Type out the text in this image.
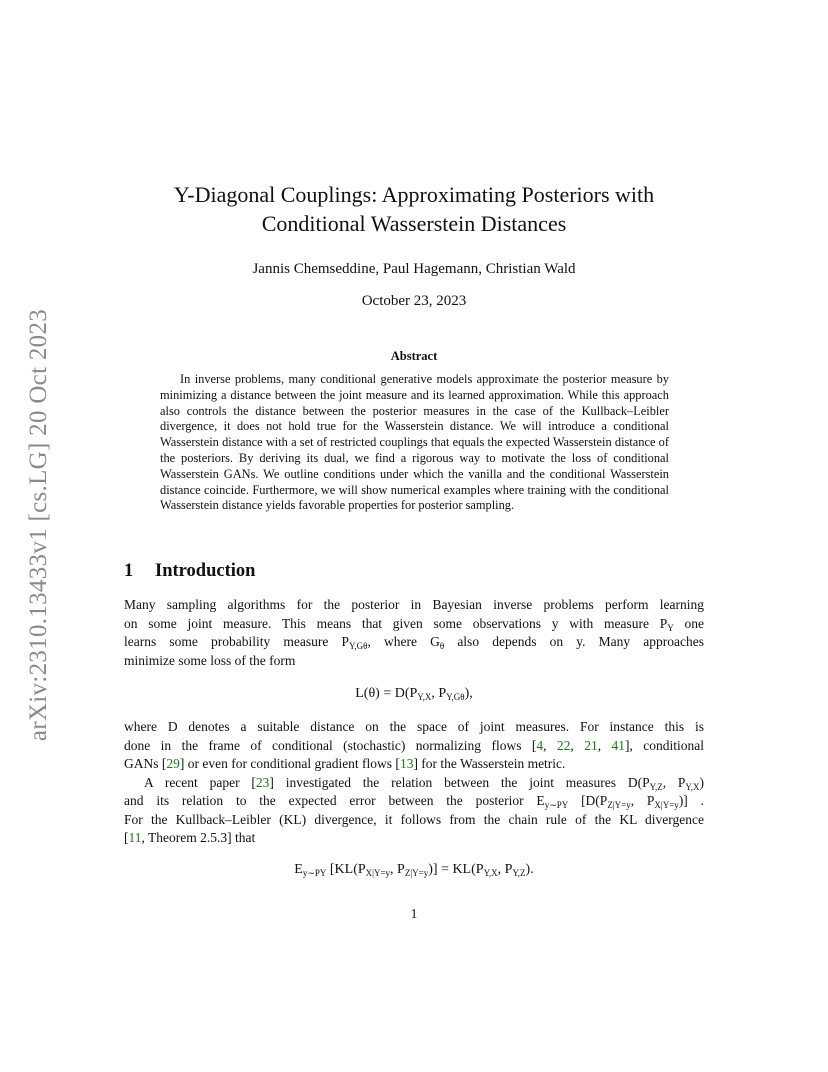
arXiv:2310.13433v1 [cs.LG] 20 Oct 2023
Y-Diagonal Couplings: Approximating Posteriors with
Conditional Wasserstein Distances
Jannis Chemseddine, Paul Hagemann, Christian Wald
October 23, 2023
Abstract

In inverse problems, many conditional generative models approximate the posterior measure by minimizing a distance between the joint measure and its learned approximation. While this approach also controls the distance between the posterior measures in the case of the Kullback–Leibler divergence, it does not hold true for the Wasserstein distance. We will introduce a conditional Wasserstein distance with a set of restricted couplings that equals the expected Wasserstein distance of the posteriors. By deriving its dual, we find a rigorous way to motivate the loss of conditional Wasserstein GANs. We outline conditions under which the vanilla and the conditional Wasserstein distance coincide. Furthermore, we will show numerical examples where training with the conditional Wasserstein distance yields favorable properties for posterior sampling.

1 Introduction
Many sampling algorithms for the posterior in Bayesian inverse problems perform learning
on some joint measure. This means that given some observations y with measure $P_Y$ one
learns some probability measure $P_{Y,G\theta}$, where $G_\theta$ also depends on y. Many approaches
minimize some loss of the form
$L(\theta) = D(P_{Y,X}$, $P_{Y,G\theta}$),
where D denotes a suitable distance on the space of joint measures. For instance this is
done in the frame of conditional (stochastic) normalizing flows [4, 22, 21, 41], conditional
GANs [29] or even for conditional gradient flows [13] for the Wasserstein metric.
A recent paper [23] investigated the relation between the joint measures $D(P_{Y,Z}$, $P_{Y,X}$)
and its relation to the expected error between the posterior $E_{y\sim PY}$ [$D(P_{Z|Y=y}$, $P_{X|Y=y}$)] .
For the Kullback–Leibler (KL) divergence, it follows from the chain rule of the KL divergence
[11, Theorem 2.5.3] that
$E_{y\sim PY}$ [$KL(P_{X|Y=y}$, $P_{Z|Y=y})] = KL(P_{Y,X}$, $P_{Y,Z}$).
1
